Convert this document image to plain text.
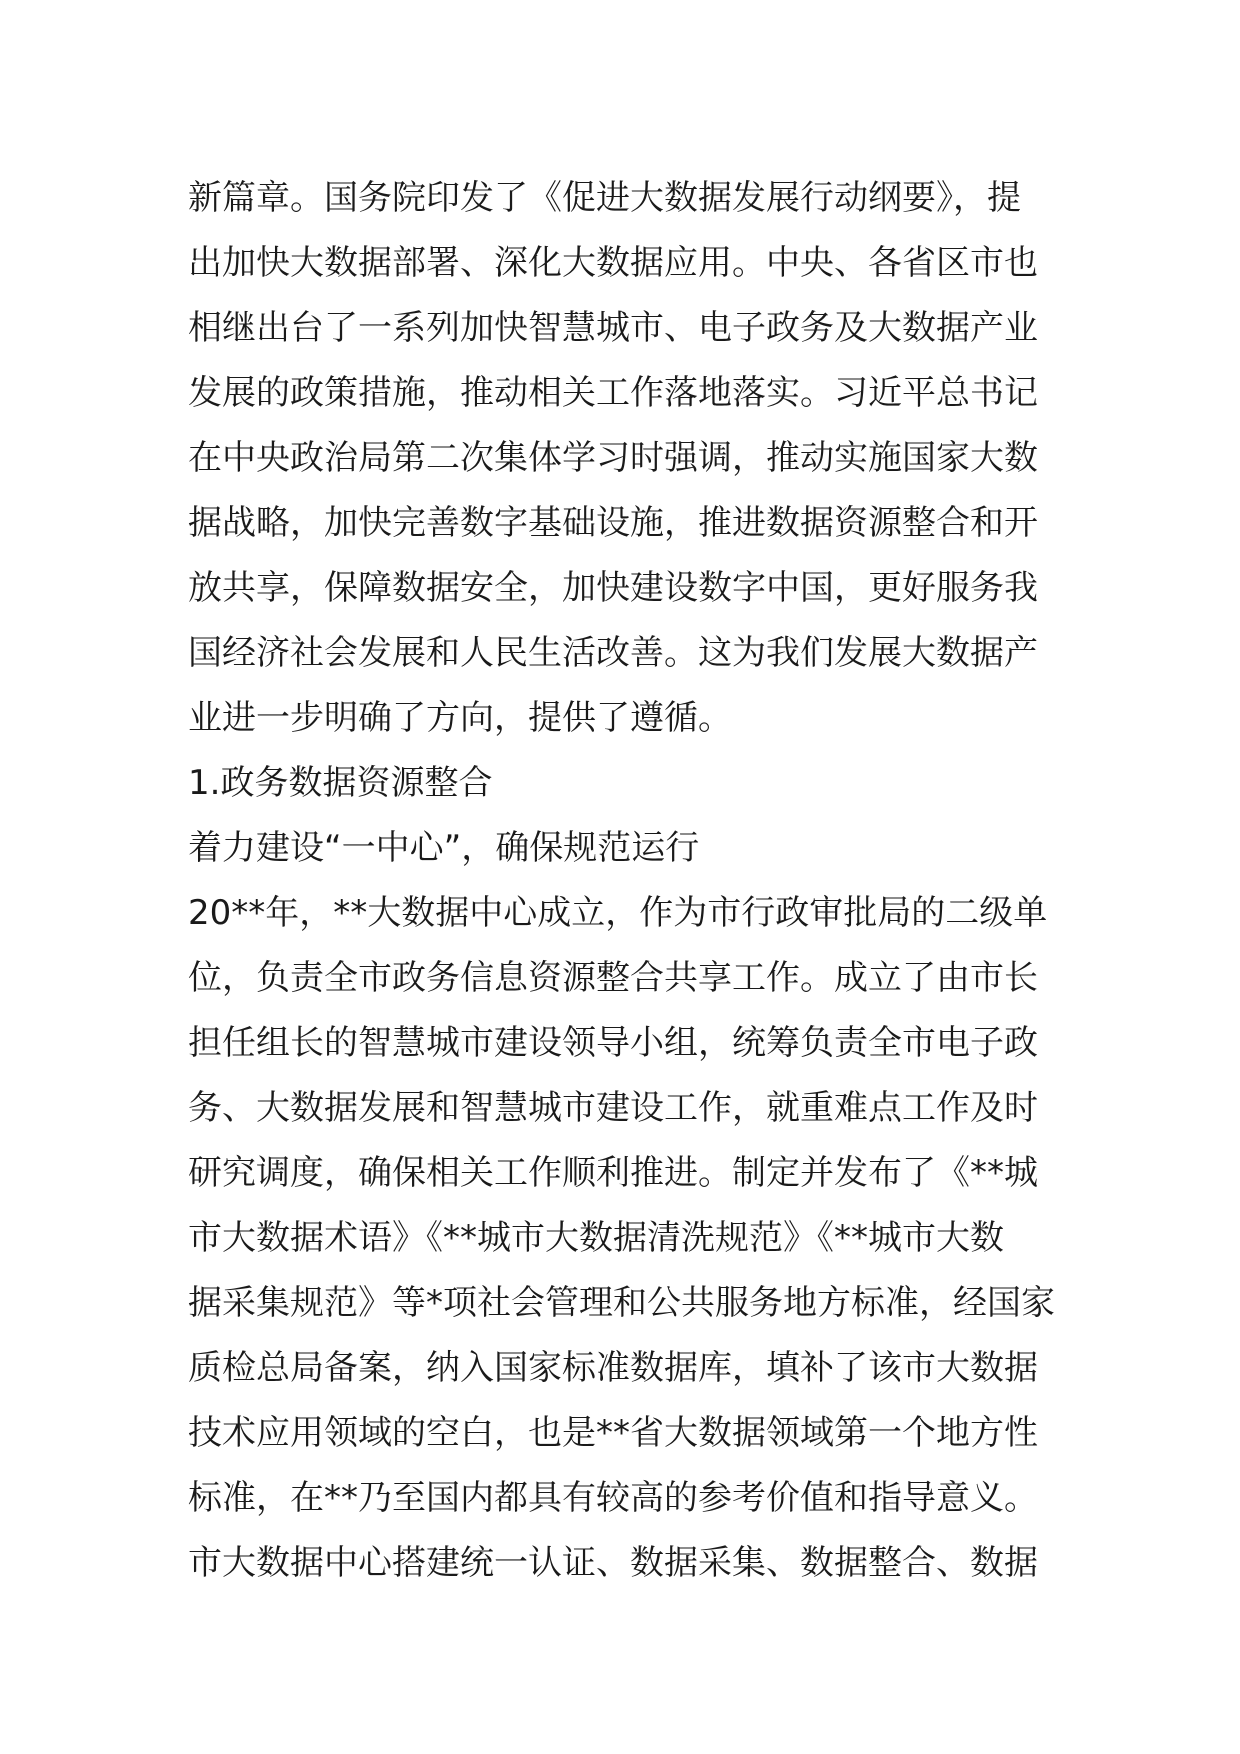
新篇章。国务院印发了《促进大数据发展行动纲要》，提
出加快大数据部署、深化大数据应用。中央、各省区市也
相继出台了一系列加快智慧城市、电子政务及大数据产业
发展的政策措施，推动相关工作落地落实。习近平总书记
在中央政治局第二次集体学习时强调，推动实施国家大数
据战略，加快完善数字基础设施，推进数据资源整合和开
放共享，保障数据安全，加快建设数字中国，更好服务我
国经济社会发展和人民生活改善。这为我们发展大数据产
业进一步明确了方向，提供了遵循。
1.政务数据资源整合
着力建设“一中心”，确保规范运行
20**年，**大数据中心成立，作为市行政审批局的二级单
位，负责全市政务信息资源整合共享工作。成立了由市长
担任组长的智慧城市建设领导小组，统筹负责全市电子政
务、大数据发展和智慧城市建设工作，就重难点工作及时
研究调度，确保相关工作顺利推进。制定并发布了《**城
市大数据术语》《**城市大数据清洗规范》《**城市大数
据采集规范》等*项社会管理和公共服务地方标准，经国家
质检总局备案，纳入国家标准数据库，填补了该市大数据
技术应用领域的空白，也是**省大数据领域第一个地方性
标准，在**乃至国内都具有较高的参考价值和指导意义。
市大数据中心搭建统一认证、数据采集、数据整合、数据
